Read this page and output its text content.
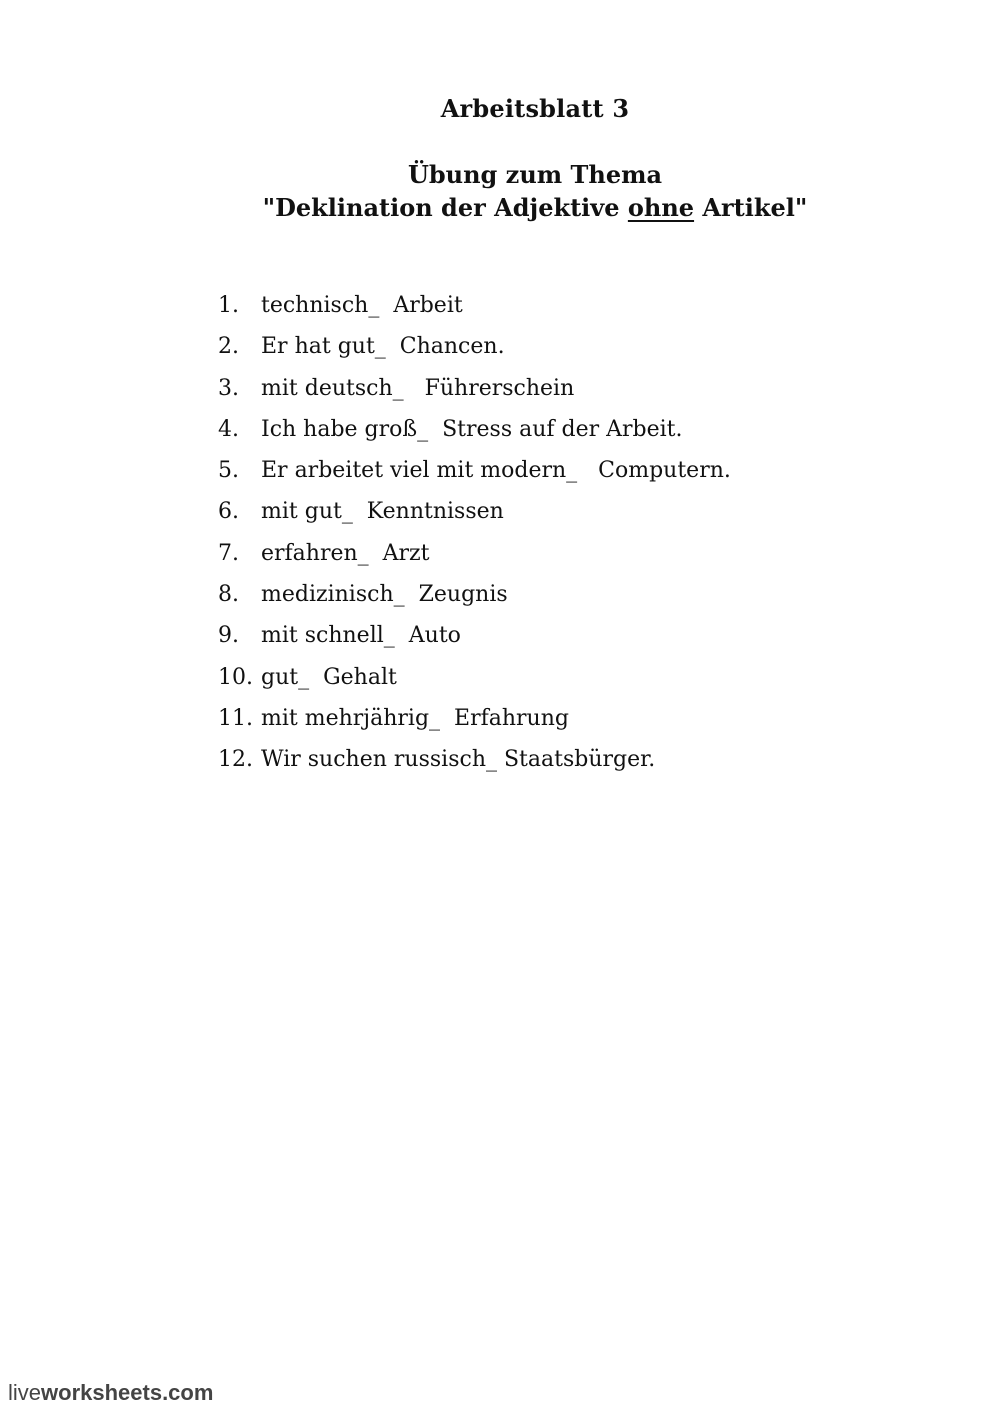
Arbeitsblatt 3
Übung zum Thema
"Deklination der Adjektive ohne Artikel"
1.	technisch_  Arbeit
2.	Er hat gut_  Chancen.
3.	mit deutsch_   Führerschein
4.	Ich habe groß_  Stress auf der Arbeit.
5.	Er arbeitet viel mit modern_   Computern.
6.	mit gut_  Kenntnissen
7.	erfahren_  Arzt
8.	medizinisch_  Zeugnis
9.	mit schnell_  Auto
10. gut_  Gehalt
11. mit mehrjährig_  Erfahrung
12. Wir suchen russisch_ Staatsbürger.
liveworksheets.com
